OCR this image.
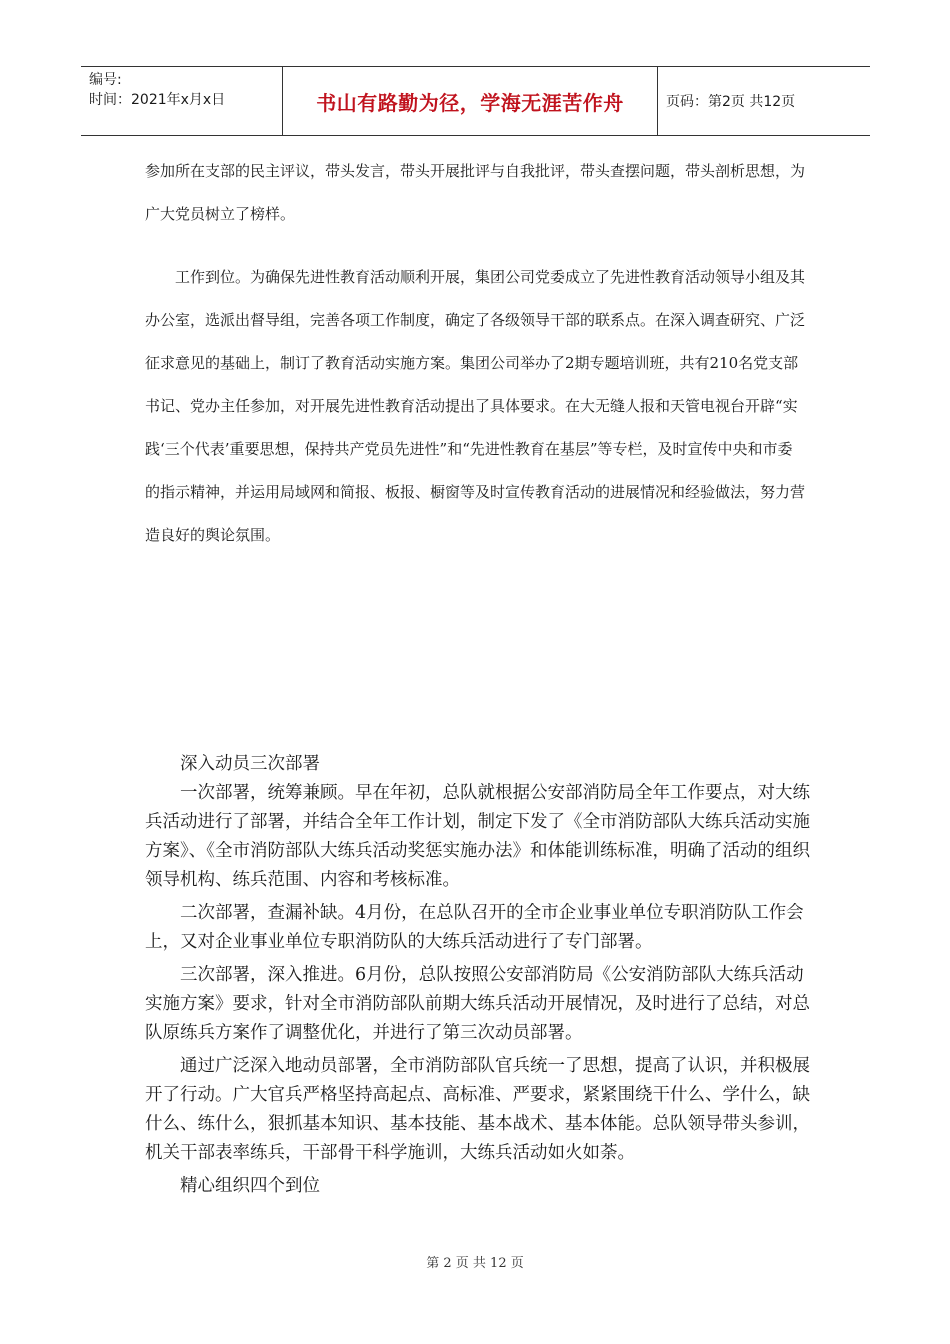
编号:
时间：2021年x月x日	书山有路勤为径，学海无涯苦作舟	页码：第2页 共12页

参加所在支部的民主评议，带头发言，带头开展批评与自我批评，带头查摆问题，带头剖析思想，为广大党员树立了榜样。

工作到位。为确保先进性教育活动顺利开展，集团公司党委成立了先进性教育活动领导小组及其办公室，选派出督导组，完善各项工作制度，确定了各级领导干部的联系点。在深入调查研究、广泛征求意见的基础上，制订了教育活动实施方案。集团公司举办了2期专题培训班，共有210名党支部书记、党办主任参加，对开展先进性教育活动提出了具体要求。在大无缝人报和天管电视台开辟“实践‘三个代表’重要思想，保持共产党员先进性”和“先进性教育在基层”等专栏，及时宣传中央和市委的指示精神，并运用局域网和简报、板报、橱窗等及时宣传教育活动的进展情况和经验做法，努力营造良好的舆论氛围。

深入动员三次部署

一次部署，统筹兼顾。早在年初，总队就根据公安部消防局全年工作要点，对大练兵活动进行了部署，并结合全年工作计划，制定下发了《全市消防部队大练兵活动实施方案》、《全市消防部队大练兵活动奖惩实施办法》和体能训练标准，明确了活动的组织领导机构、练兵范围、内容和考核标准。

二次部署，查漏补缺。4月份，在总队召开的全市企业事业单位专职消防队工作会上，又对企业事业单位专职消防队的大练兵活动进行了专门部署。

三次部署，深入推进。6月份，总队按照公安部消防局《公安消防部队大练兵活动实施方案》要求，针对全市消防部队前期大练兵活动开展情况，及时进行了总结，对总队原练兵方案作了调整优化，并进行了第三次动员部署。

通过广泛深入地动员部署，全市消防部队官兵统一了思想，提高了认识，并积极展开了行动。广大官兵严格坚持高起点、高标准、严要求，紧紧围绕干什么、学什么，缺什么、练什么，狠抓基本知识、基本技能、基本战术、基本体能。总队领导带头参训，机关干部表率练兵，干部骨干科学施训，大练兵活动如火如荼。

精心组织四个到位

第 2 页 共 12 页
